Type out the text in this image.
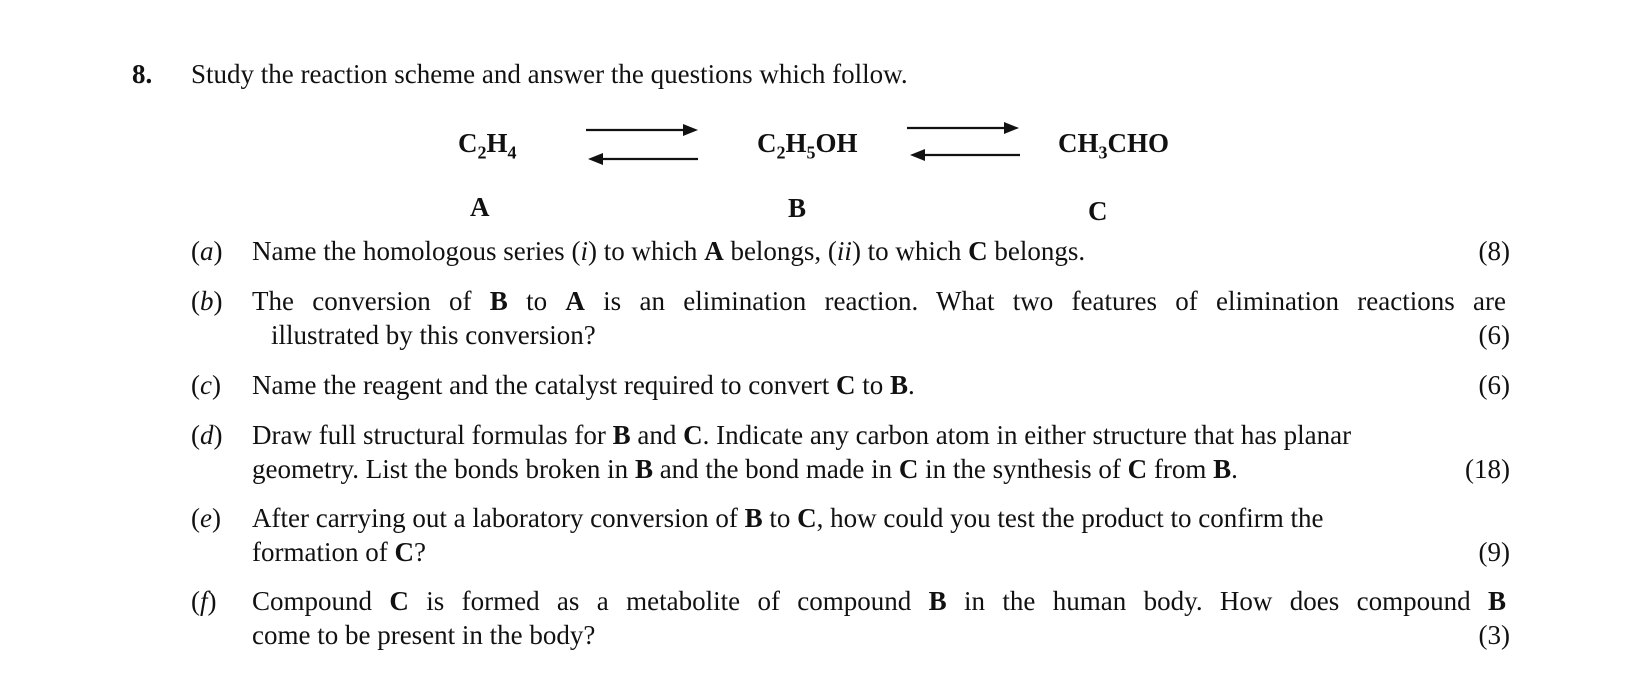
8. Study the reaction scheme and answer the questions which follow.
$C_2H_4$	$C_2H_5OH$	$CH_3CHO$
A	B	C
(a) Name the homologous series (i) to which A belongs, (ii) to which C belongs.	(8)
(b) The conversion of B to A is an elimination reaction. What two features of elimination reactions are
illustrated by this conversion?	(6)
(c) Name the reagent and the catalyst required to convert C to B.	(6)
(d) Draw full structural formulas for B and C. Indicate any carbon atom in either structure that has planar
geometry. List the bonds broken in B and the bond made in C in the synthesis of C from B.	(18)
(e) After carrying out a laboratory conversion of B to C, how could you test the product to confirm the
formation of C?	(9)
(f) Compound C is formed as a metabolite of compound B in the human body. How does compound B
come to be present in the body?	(3)
